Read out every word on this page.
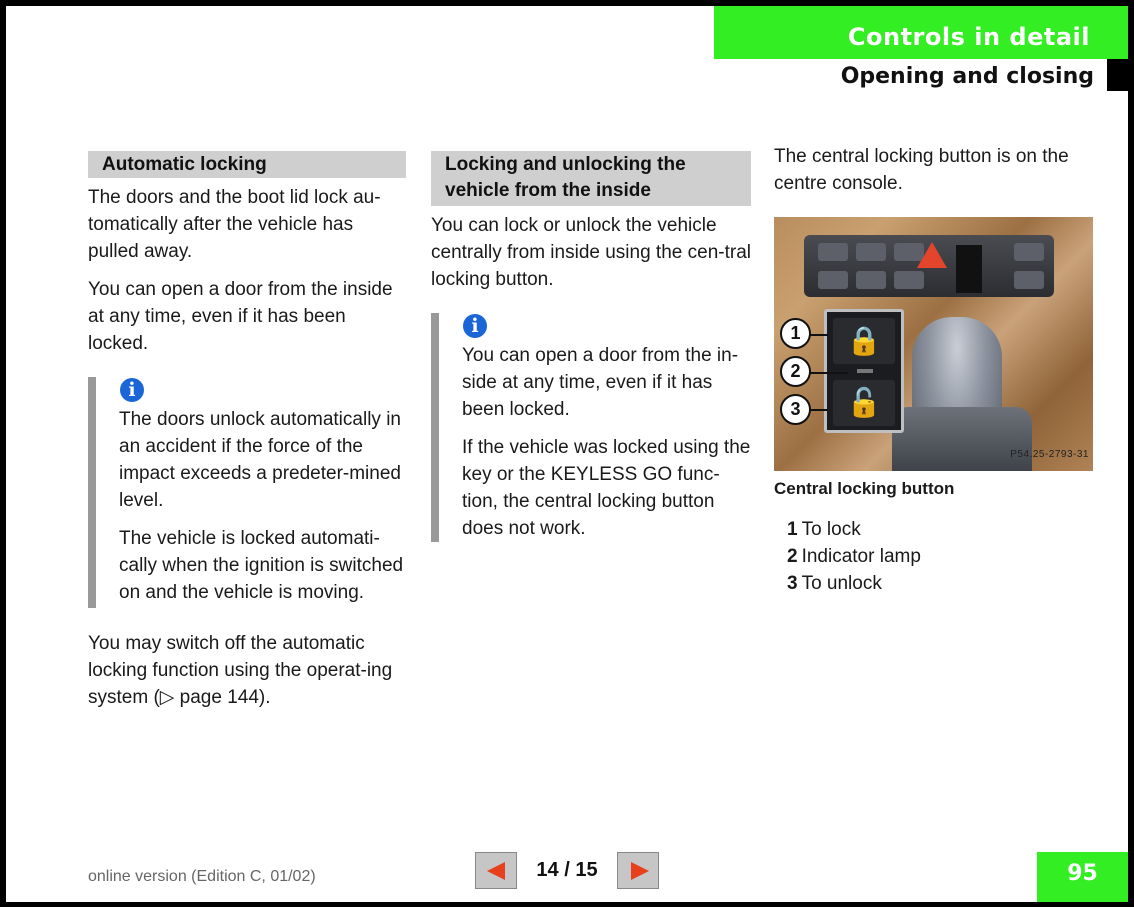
Controls in detail
Opening and closing
Automatic locking

The doors and the boot lid lock au-tomatically after the vehicle has pulled away.

You can open a door from the inside at any time, even if it has been locked.

i

The doors unlock automatically in an accident if the force of the impact exceeds a predeter-mined level.

The vehicle is locked automati-cally when the ignition is switched on and the vehicle is moving.

You may switch off the automatic locking function using the operat-ing system (▷ page 144).

Locking and unlocking the vehicle from the inside

You can lock or unlock the vehicle centrally from inside using the cen-tral locking button.

i

You can open a door from the in-side at any time, even if it has been locked.

If the vehicle was locked using the key or the KEYLESS GO func-tion, the central locking button does not work.

The central locking button is on the centre console.

🔒
🔓
1
2
3
P54.25-2793-31
Central locking button
1 To lock
2 Indicator lamp
3 To unlock
online version (Edition C, 01/02)	14 / 15	95
